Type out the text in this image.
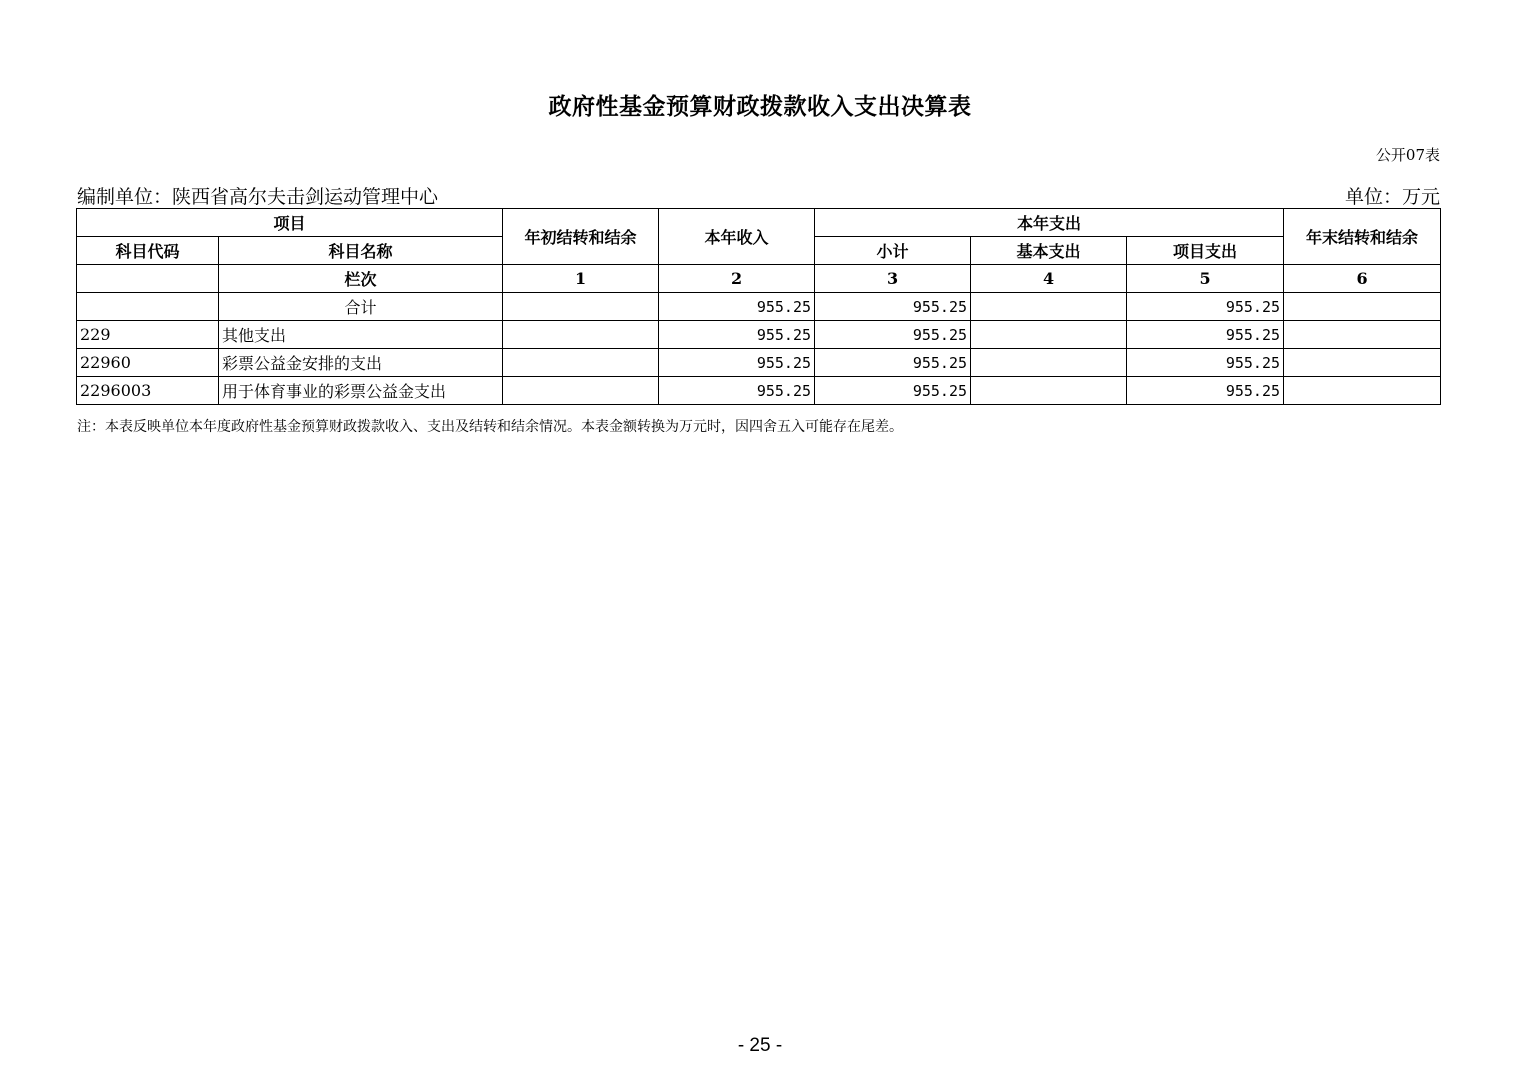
政府性基金预算财政拨款收入支出决算表
公开07表
编制单位：陕西省高尔夫击剑运动管理中心	单位：万元
项目		年初结转和结余	本年收入	本年支出			年末结转和结余
科目代码	科目名称			小计	基本支出	项目支出	
	栏次	1	2	3	4	5	6
	合计		955.25	955.25		955.25	
229	其他支出		955.25	955.25		955.25	
22960	彩票公益金安排的支出		955.25	955.25		955.25	
2296003	用于体育事业的彩票公益金支出		955.25	955.25		955.25	
注：本表反映单位本年度政府性基金预算财政拨款收入、支出及结转和结余情况。本表金额转换为万元时，因四舍五入可能存在尾差。
- 25 -
